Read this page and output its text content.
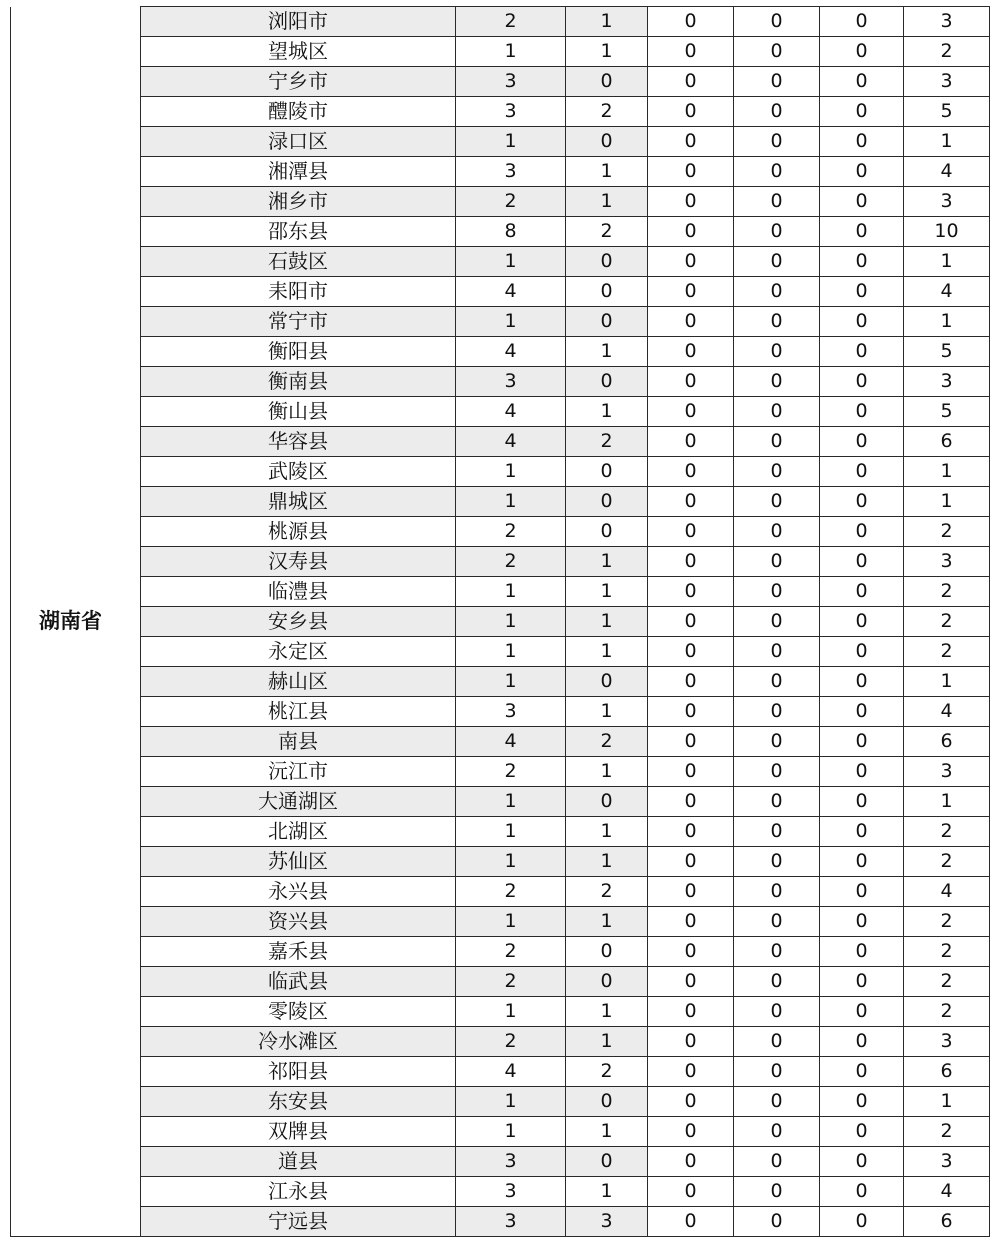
湖南省	浏阳市	2	1	0	0	0	3
	望城区	1	1	0	0	0	2
	宁乡市	3	0	0	0	0	3
	醴陵市	3	2	0	0	0	5
	渌口区	1	0	0	0	0	1
	湘潭县	3	1	0	0	0	4
	湘乡市	2	1	0	0	0	3
	邵东县	8	2	0	0	0	10
	石鼓区	1	0	0	0	0	1
	耒阳市	4	0	0	0	0	4
	常宁市	1	0	0	0	0	1
	衡阳县	4	1	0	0	0	5
	衡南县	3	0	0	0	0	3
	衡山县	4	1	0	0	0	5
	华容县	4	2	0	0	0	6
	武陵区	1	0	0	0	0	1
	鼎城区	1	0	0	0	0	1
	桃源县	2	0	0	0	0	2
	汉寿县	2	1	0	0	0	3
	临澧县	1	1	0	0	0	2
	安乡县	1	1	0	0	0	2
	永定区	1	1	0	0	0	2
	赫山区	1	0	0	0	0	1
	桃江县	3	1	0	0	0	4
	南县	4	2	0	0	0	6
	沅江市	2	1	0	0	0	3
	大通湖区	1	0	0	0	0	1
	北湖区	1	1	0	0	0	2
	苏仙区	1	1	0	0	0	2
	永兴县	2	2	0	0	0	4
	资兴县	1	1	0	0	0	2
	嘉禾县	2	0	0	0	0	2
	临武县	2	0	0	0	0	2
	零陵区	1	1	0	0	0	2
	冷水滩区	2	1	0	0	0	3
	祁阳县	4	2	0	0	0	6
	东安县	1	0	0	0	0	1
	双牌县	1	1	0	0	0	2
	道县	3	0	0	0	0	3
	江永县	3	1	0	0	0	4
	宁远县	3	3	0	0	0	6
